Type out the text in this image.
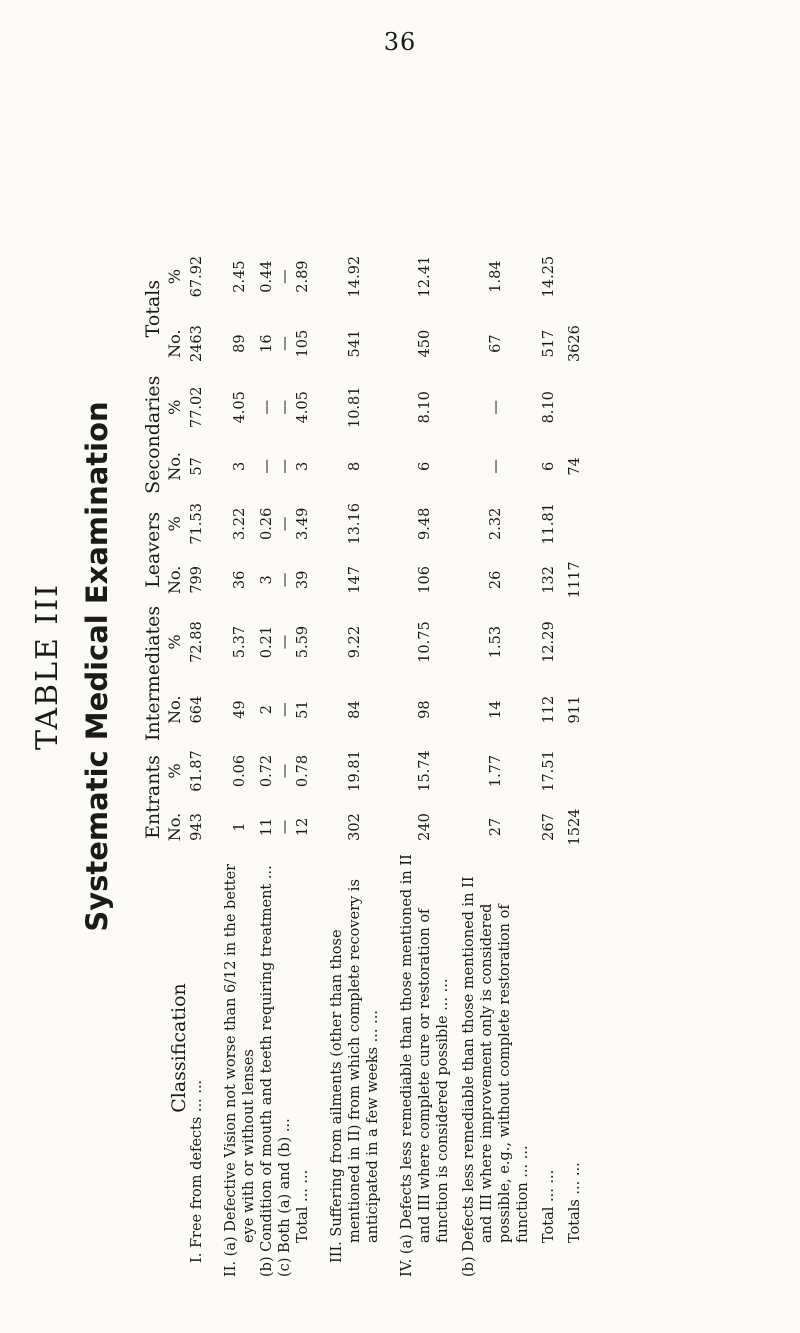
36
TABLE III Systematic Medical Examination
Classification	Entrants		Intermediates		Leavers		Secondaries		Totals	
	No.	%	No.	%	No.	%	No.	%	No.	%
I. Free from defects ... ...	943	61.87	664	72.88	799	71.53	57	77.02	2463	67.92
II. (a) Defective Vision not worse than 6/12 in the better eye with or without lenses	1	0.06	49	5.37	36	3.22	3	4.05	89	2.45
(b) Condition of mouth and teeth requiring treatment ...	11	0.72	2	0.21	3	0.26	—	—	16	0.44
(c) Both (a) and (b) ...	—	—	—	—	—	—	—	—	—	—
Total ... ...	12	0.78	51	5.59	39	3.49	3	4.05	105	2.89
III. Suffering from ailments (other than those mentioned in II) from which complete recovery is anticipated in a few weeks ... ...	302	19.81	84	9.22	147	13.16	8	10.81	541	14.92
IV. (a) Defects less remediable than those mentioned in II and III where complete cure or restoration of function is considered possible ... ...	240	15.74	98	10.75	106	9.48	6	8.10	450	12.41
(b) Defects less remediable than those mentioned in II and III where improvement only is considered possible, e.g., without complete restoration of function ... ...	27	1.77	14	1.53	26	2.32	—	—	67	1.84
Total ... ...	267	17.51	112	12.29	132	11.81	6	8.10	517	14.25
Totals ... ...	1524		911		1117		74		3626	
